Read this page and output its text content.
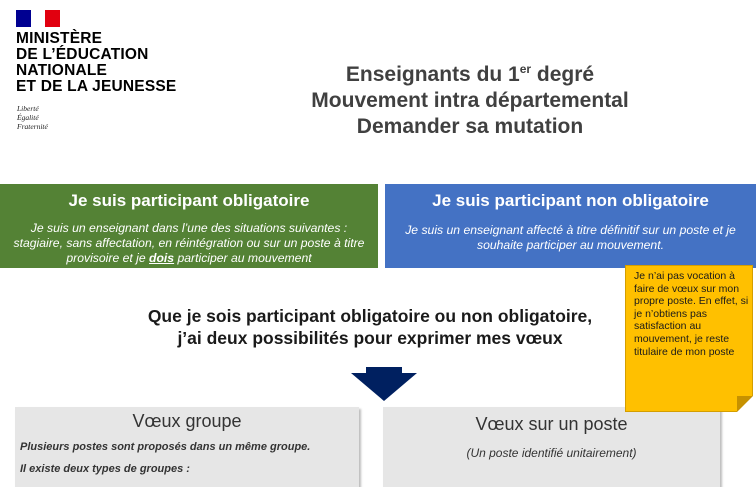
MINISTÈRE
DE L’ÉDUCATION
NATIONALE
ET DE LA JEUNESSE
Liberté
Égalité
Fraternité
Enseignants du 1er degré
Mouvement intra départemental
Demander sa mutation
Je suis participant obligatoire

Je suis un enseignant dans l’une des situations suivantes : stagiaire, sans affectation, en réintégration ou sur un poste à titre provisoire et je dois participer au mouvement

Je suis participant non obligatoire

Je suis un enseignant affecté à titre définitif sur un poste et je souhaite participer au mouvement.

Que je sois participant obligatoire ou non obligatoire,
j’ai deux possibilités pour exprimer mes vœux
Vœux groupe
Plusieurs postes sont proposés dans un même groupe.
Il existe deux types de groupes :
Vœux sur un poste
(Un poste identifié unitairement)
Je n’ai pas vocation à faire de vœux sur mon propre poste. En effet, si je n’obtiens pas satisfaction au mouvement, je reste titulaire de mon poste
